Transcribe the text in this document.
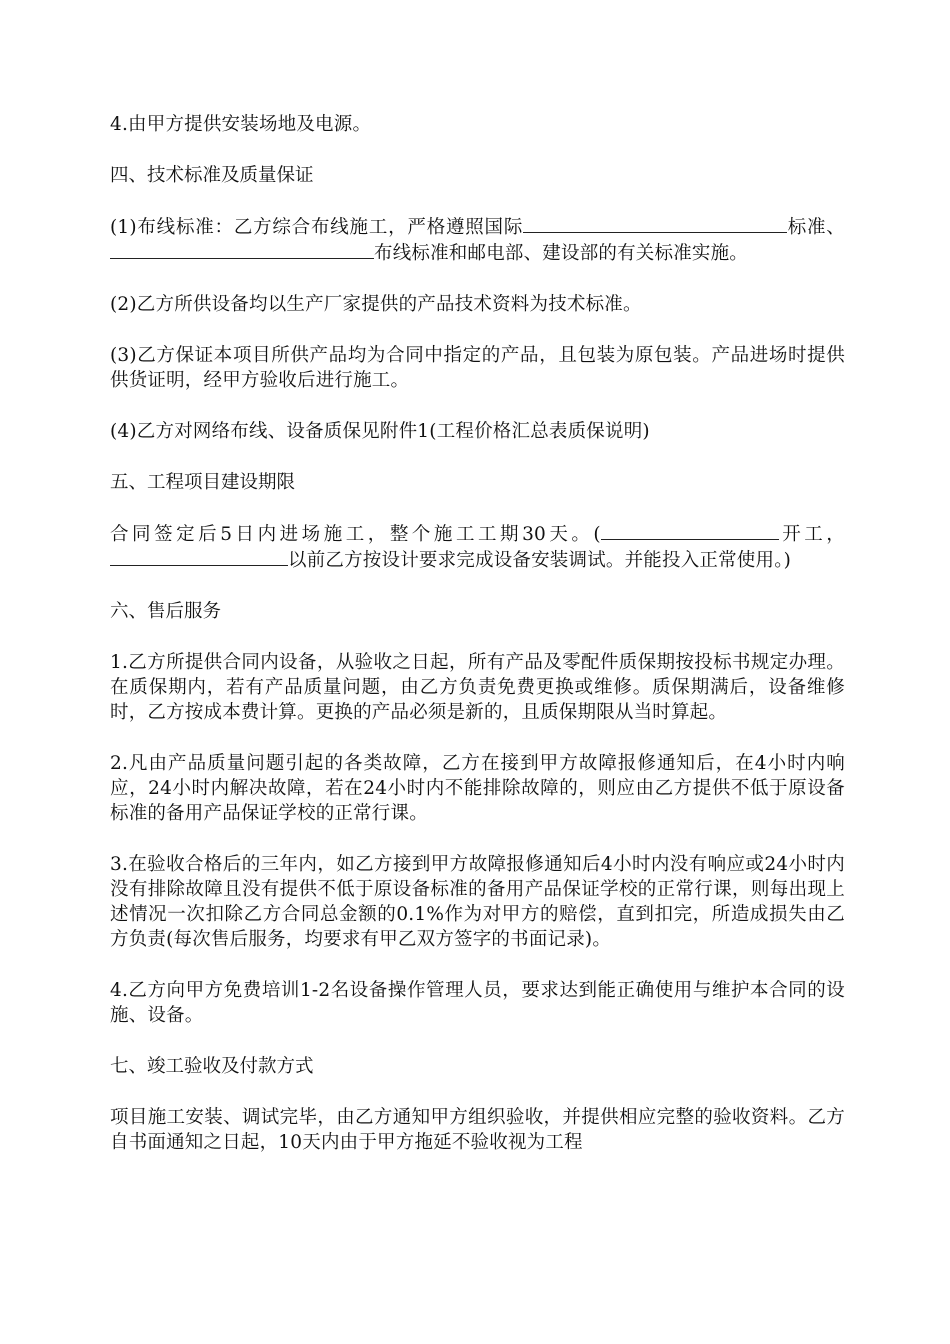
4.由甲方提供安装场地及电源。

四、技术标准及质量保证

(1)布线标准：乙方综合布线施工，严格遵照国际	标准、布线标准和邮电部、建设部的有关标准实施。

(2)乙方所供设备均以生产厂家提供的产品技术资料为技术标准。

(3)乙方保证本项目所供产品均为合同中指定的产品，且包装为原包装。产品进场时提供供货证明，经甲方验收后进行施工。

(4)乙方对网络布线、设备质保见附件1(工程价格汇总表质保说明)

五、工程项目建设期限

合同签定后5日内进场施工，整个施工工期30天。(	开工，以前乙方按设计要求完成设备安装调试。并能投入正常使用。)

六、售后服务

1.乙方所提供合同内设备，从验收之日起，所有产品及零配件质保期按投标书规定办理。在质保期内，若有产品质量问题，由乙方负责免费更换或维修。质保期满后，设备维修时，乙方按成本费计算。更换的产品必须是新的，且质保期限从当时算起。

2.凡由产品质量问题引起的各类故障，乙方在接到甲方故障报修通知后，在4小时内响应，24小时内解决故障，若在24小时内不能排除故障的，则应由乙方提供不低于原设备标准的备用产品保证学校的正常行课。

3.在验收合格后的三年内，如乙方接到甲方故障报修通知后4小时内没有响应或24小时内没有排除故障且没有提供不低于原设备标准的备用产品保证学校的正常行课，则每出现上述情况一次扣除乙方合同总金额的0.1%作为对甲方的赔偿，直到扣完，所造成损失由乙方负责(每次售后服务，均要求有甲乙双方签字的书面记录)。

4.乙方向甲方免费培训1-2名设备操作管理人员，要求达到能正确使用与维护本合同的设施、设备。

七、竣工验收及付款方式

项目施工安装、调试完毕，由乙方通知甲方组织验收，并提供相应完整的验收资料。乙方自书面通知之日起，10天内由于甲方拖延不验收视为工程
